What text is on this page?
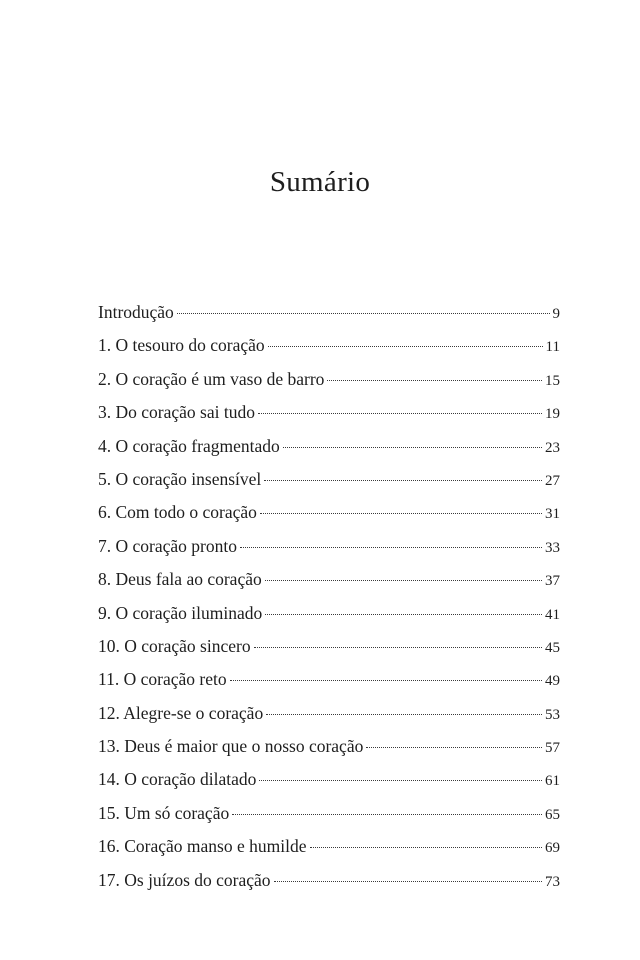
Sumário
Introdução	9
1. O tesouro do coração	11
2. O coração é um vaso de barro	15
3. Do coração sai tudo	19
4. O coração fragmentado	23
5. O coração insensível	27
6. Com todo o coração	31
7. O coração pronto	33
8. Deus fala ao coração	37
9. O coração iluminado	41
10. O coração sincero	45
11. O coração reto	49
12. Alegre-se o coração	53
13. Deus é maior que o nosso coração	57
14. O coração dilatado	61
15. Um só coração	65
16. Coração manso e humilde	69
17. Os juízos do coração	73
